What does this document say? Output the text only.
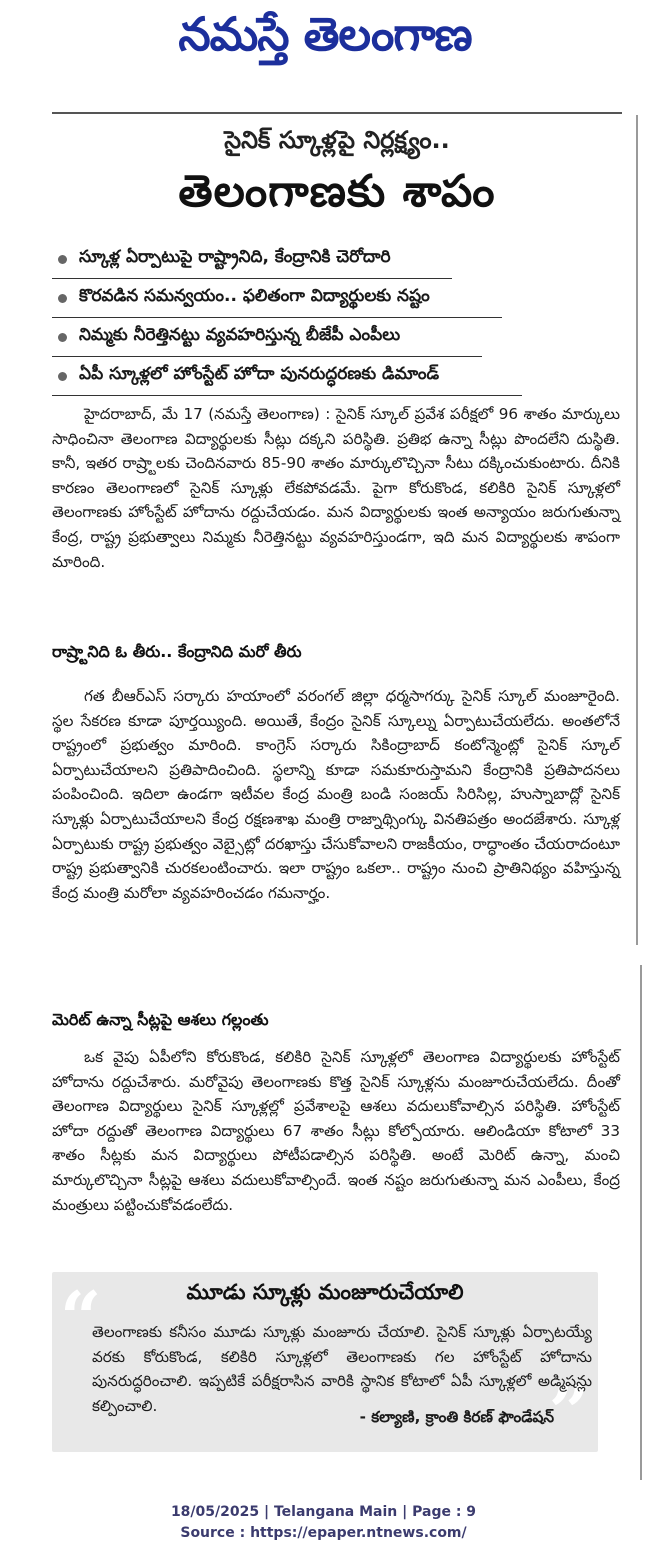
నమస్తే తెలంగాణ
సైనిక్ స్కూళ్లపై నిర్లక్ష్యం..
తెలంగాణకు శాపం
స్కూళ్ల ఏర్పాటుపై రాష్ట్రానిది, కేంద్రానికి చెరోదారి
కొరవడిన సమన్వయం.. ఫలితంగా విద్యార్థులకు నష్టం
నిమ్మకు నీరెత్తినట్టు వ్యవహరిస్తున్న బీజేపీ ఎంపీలు
ఏపీ స్కూళ్లలో హోంస్టేట్ హోదా పునరుద్ధరణకు డిమాండ్

హైదరాబాద్, మే 17 (నమస్తే తెలంగాణ) : సైనిక్ స్కూల్ ప్రవేశ పరీక్షలో 96 శాతం మార్కులు సాధించినా తెలంగాణ విద్యార్థులకు సీట్లు దక్కని పరిస్థితి. ప్రతిభ ఉన్నా సీట్లు పొందలేని దుస్థితి. కానీ, ఇతర రాష్ర్టాలకు చెందినవారు 85-90 శాతం మార్కులొచ్చినా సీటు దక్కించుకుంటారు. దీనికి కారణం తెలంగాణలో సైనిక్ స్కూళ్లు లేకపోవడమే. పైగా కోరుకొండ, కలికిరి సైనిక్ స్కూళ్లలో తెలంగాణకు హోంస్టేట్ హోదాను రద్దుచేయడం. మన విద్యార్థులకు ఇంత అన్యాయం జరుగుతున్నా కేంద్ర, రాష్ట్ర ప్రభుత్వాలు నిమ్మకు నీరెత్తినట్టు వ్యవహరిస్తుండగా, ఇది మన విద్యార్థులకు శాపంగా మారింది.

రాష్ర్టానిది ఓ తీరు.. కేంద్రానిది మరో తీరు

గత బీఆర్ఎస్ సర్కారు హయాంలో వరంగల్ జిల్లా ధర్మసాగర్కు సైనిక్ స్కూల్ మంజూరైంది. స్థల సేకరణ కూడా పూర్తయ్యింది. అయితే, కేంద్రం సైనిక్ స్కూల్ను ఏర్పాటుచేయలేదు. అంతలోనే రాష్ట్రంలో ప్రభుత్వం మారింది. కాంగ్రెస్ సర్కారు సికింద్రాబాద్ కంటోన్మెంట్లో సైనిక్ స్కూల్ ఏర్పాటుచేయాలని ప్రతిపాదించింది. స్థలాన్ని కూడా సమకూరుస్తామని కేంద్రానికి ప్రతిపాదనలు పంపించింది. ఇదిలా ఉండగా ఇటీవల కేంద్ర మంత్రి బండి సంజయ్ సిరిసిల్ల, హుస్నాబాద్లో సైనిక్ స్కూళ్లు ఏర్పాటుచేయాలని కేంద్ర రక్షణశాఖ మంత్రి రాజ్నాథ్సింగ్కు వినతిపత్రం అందజేశారు. స్కూళ్ల ఏర్పాటుకు రాష్ట్ర ప్రభుత్వం వెబ్సైట్లో దరఖాస్తు చేసుకోవాలని రాజకీయం, రాద్ధాంతం చేయరాదంటూ రాష్ట్ర ప్రభుత్వానికి చురకలంటించారు. ఇలా రాష్ట్రం ఒకలా.. రాష్ట్రం నుంచి ప్రాతినిథ్యం వహిస్తున్న కేంద్ర మంత్రి మరోలా వ్యవహరించడం గమనార్హం.

మెరిట్ ఉన్నా సీట్లపై ఆశలు గల్లంతు

ఒక వైపు ఏపీలోని కోరుకొండ, కలికిరి సైనిక్ స్కూళ్లలో తెలంగాణ విద్యార్థులకు హోంస్టేట్ హోదాను రద్దుచేశారు. మరోవైపు తెలంగాణకు కొత్త సైనిక్ స్కూళ్లను మంజూరుచేయలేదు. దీంతో తెలంగాణ విద్యార్థులు సైనిక్ స్కూళ్లల్లో ప్రవేశాలపై ఆశలు వదులుకోవాల్సిన పరిస్థితి. హోంస్టేట్ హోదా రద్దుతో తెలంగాణ విద్యార్థులు 67 శాతం సీట్లు కోల్పోయారు. ఆలిండియా కోటాలో 33 శాతం సీట్లకు మన విద్యార్థులు పోటీపడాల్సిన పరిస్థితి. అంటే మెరిట్ ఉన్నా, మంచి మార్కులొచ్చినా సీట్లపై ఆశలు వదులుకోవాల్సిందే. ఇంత నష్టం జరుగుతున్నా మన ఎంపీలు, కేంద్ర మంత్రులు పట్టించుకోవడంలేదు.

“
”
మూడు స్కూళ్లు మంజూరుచేయాలి
తెలంగాణకు కనీసం మూడు స్కూళ్లు మంజూరు చేయాలి. సైనిక్ స్కూళ్లు ఏర్పాటయ్యే వరకు కోరుకొండ, కలికిరి స్కూళ్లలో తెలంగాణకు గల హోంస్టేట్ హోదాను పునరుద్ధరించాలి. ఇప్పటికే పరీక్షరాసిన వారికి స్థానిక కోటాలో ఏపీ స్కూళ్లలో అడ్మిషన్లు కల్పించాలి.
- కల్యాణి, క్రాంతి కిరణ్ ఫౌండేషన్
18/05/2025 | Telangana Main | Page : 9
Source : https://epaper.ntnews.com/
